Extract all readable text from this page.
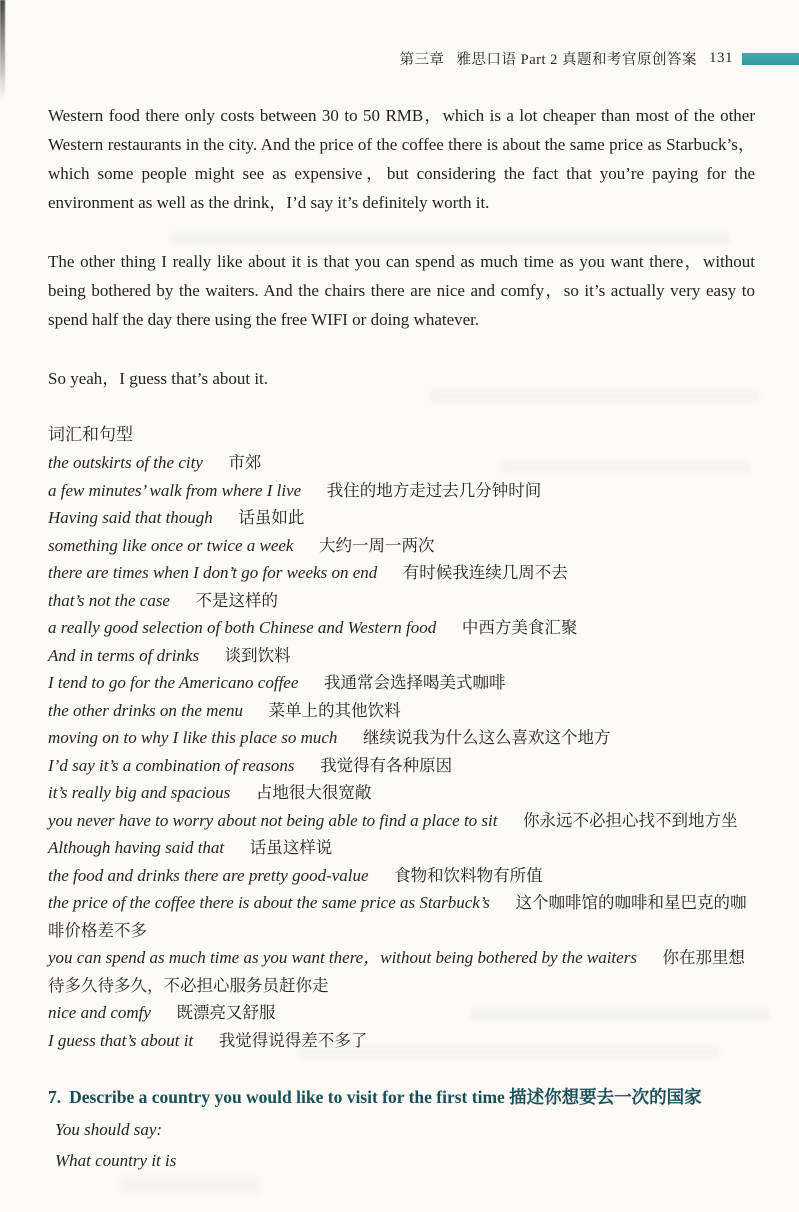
第三章 雅思口语 Part 2 真题和考官原创答案 131

Western food there only costs between 30 to 50 RMB，which is a lot cheaper than most of the other Western restaurants in the city. And the price of the coffee there is about the same price as Starbuck’s，which some people might see as expensive，but considering the fact that you’re paying for the environment as well as the drink，I’d say it’s definitely worth it.

The other thing I really like about it is that you can spend as much time as you want there，without being bothered by the waiters. And the chairs there are nice and comfy，so it’s actually very easy to spend half the day there using the free WIFI or doing whatever.

So yeah，I guess that’s about it.

词汇和句型
the outskirts of the city 市郊
a few minutes’ walk from where I live 我住的地方走过去几分钟时间
Having said that though 话虽如此
something like once or twice a week 大约一周一两次
there are times when I don’t go for weeks on end 有时候我连续几周不去
that’s not the case 不是这样的
a really good selection of both Chinese and Western food 中西方美食汇聚
And in terms of drinks 谈到饮料
I tend to go for the Americano coffee 我通常会选择喝美式咖啡
the other drinks on the menu 菜单上的其他饮料
moving on to why I like this place so much 继续说我为什么这么喜欢这个地方
I’d say it’s a combination of reasons 我觉得有各种原因
it’s really big and spacious 占地很大很宽敞
you never have to worry about not being able to find a place to sit 你永远不必担心找不到地方坐
Although having said that 话虽这样说
the food and drinks there are pretty good-value 食物和饮料物有所值
the price of the coffee there is about the same price as Starbuck’s 这个咖啡馆的咖啡和星巴克的咖啡价格差不多
you can spend as much time as you want there，without being bothered by the waiters 你在那里想待多久待多久，不必担心服务员赶你走
nice and comfy 既漂亮又舒服
I guess that’s about it 我觉得说得差不多了
7. Describe a country you would like to visit for the first time 描述你想要去一次的国家
You should say:
What country it is
